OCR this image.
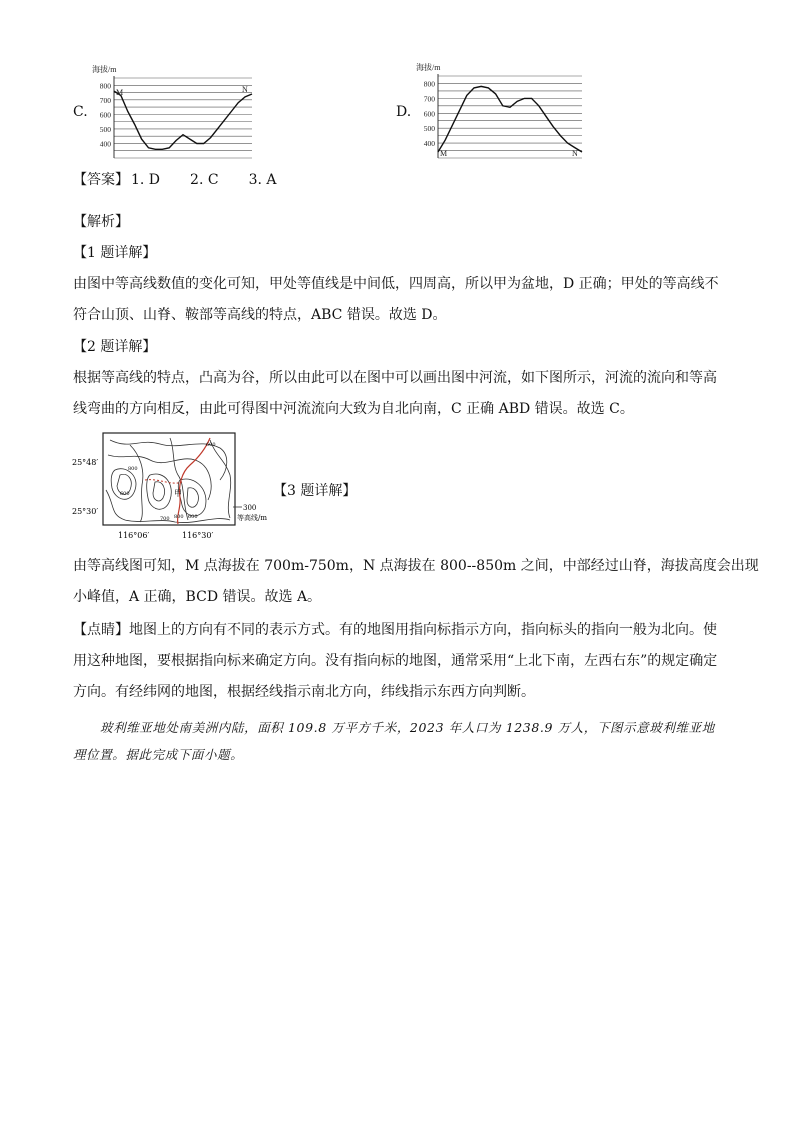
C.
海拔/m
800
700
600
500
400
M	N
D.
海拔/m
800
700
600
500
400
M	N
【答案】 1. D 2. C 3. A
【解析】
【1 题详解】
由图中等高线数值的变化可知，甲处等值线是中间低，四周高，所以甲为盆地，D 正确；甲处的等高线不
符合山顶、山脊、鞍部等高线的特点，ABC 错误。故选 D。
【2 题详解】
根据等高线的特点，凸高为谷，所以由此可以在图中可以画出图中河流，如下图所示，河流的流向和等高
线弯曲的方向相反，由此可得图中河流流向大致为自北向南，C 正确 ABD 错误。故选 C。
600
800
600
700	600
800
甲
25°48′
25°30′
116°06′	116°30′
300
等高线/m
【3 题详解】
由等高线图可知，M 点海拔在 700m-750m，N 点海拔在 800--850m 之间，中部经过山脊，海拔高度会出现
小峰值，A 正确，BCD 错误。故选 A。
【点睛】地图上的方向有不同的表示方式。有的地图用指向标指示方向，指向标头的指向一般为北向。使
用这种地图，要根据指向标来确定方向。没有指向标的地图，通常采用“上北下南，左西右东”的规定确定
方向。有经纬网的地图，根据经线指示南北方向，纬线指示东西方向判断。
玻利维亚地处南美洲内陆，面积 109.8 万平方千米，2023 年人口为 1238.9 万人，下图示意玻利维亚地
理位置。据此完成下面小题。
